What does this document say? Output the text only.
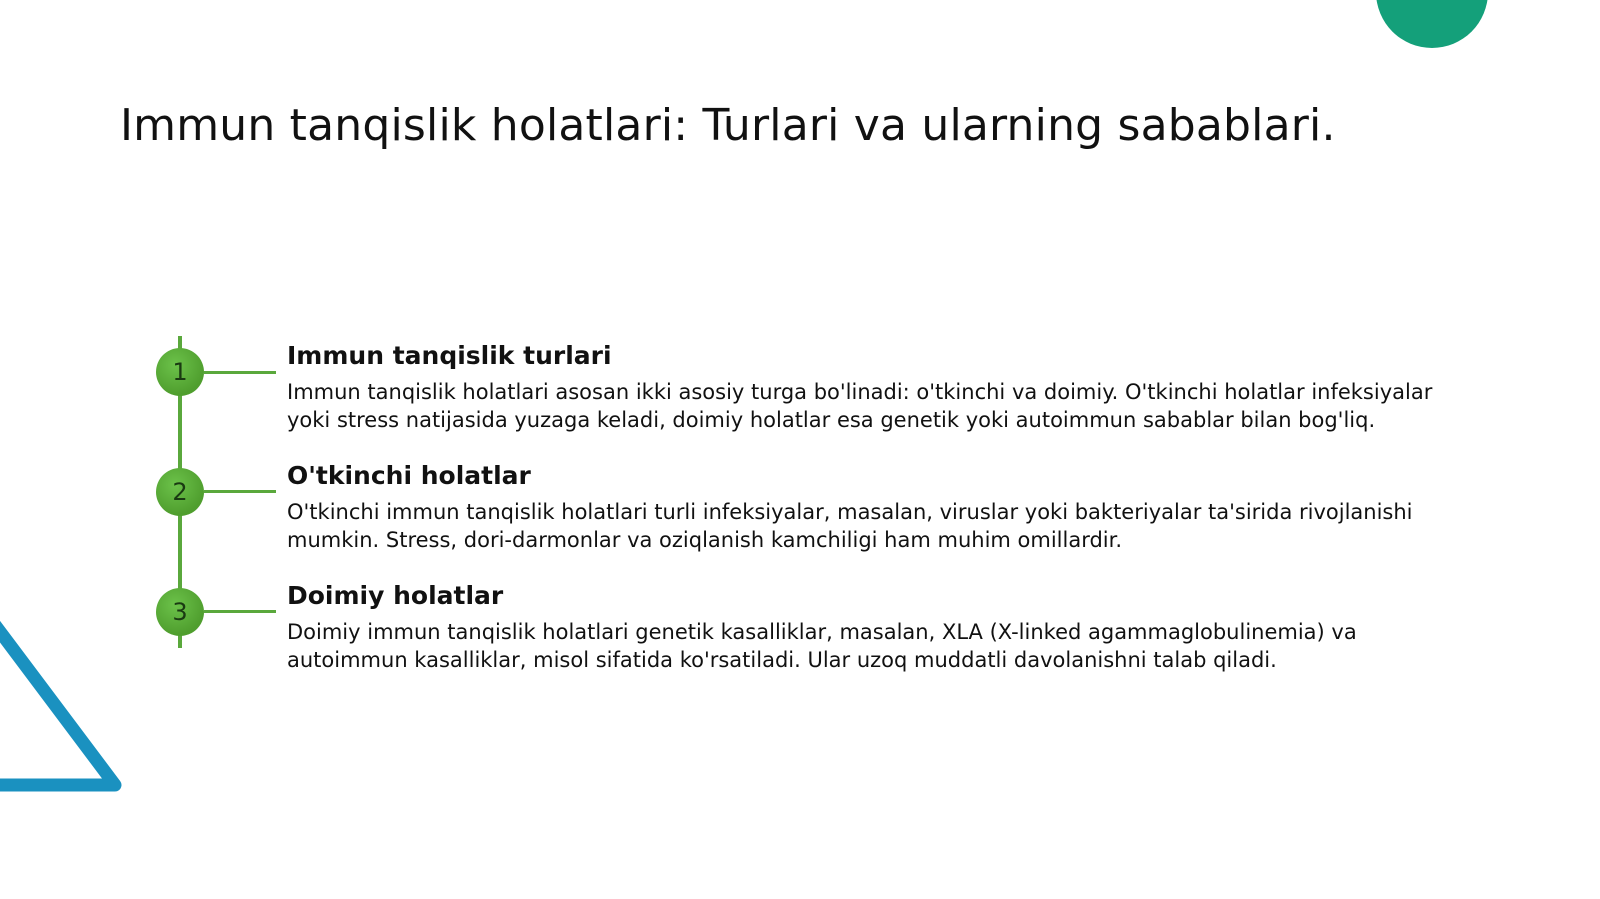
Immun tanqislik holatlari: Turlari va ularning sabablari.
1
Immun tanqislik turlari

Immun tanqislik holatlari asosan ikki asosiy turga bo'linadi: o'tkinchi va doimiy. O'tkinchi holatlar infeksiyalar yoki stress natijasida yuzaga keladi, doimiy holatlar esa genetik yoki autoimmun sabablar bilan bog'liq.

2
O'tkinchi holatlar

O'tkinchi immun tanqislik holatlari turli infeksiyalar, masalan, viruslar yoki bakteriyalar ta'sirida rivojlanishi mumkin. Stress, dori-darmonlar va oziqlanish kamchiligi ham muhim omillardir.

3
Doimiy holatlar

Doimiy immun tanqislik holatlari genetik kasalliklar, masalan, XLA (X-linked agammaglobulinemia) va autoimmun kasalliklar, misol sifatida ko'rsatiladi. Ular uzoq muddatli davolanishni talab qiladi.
